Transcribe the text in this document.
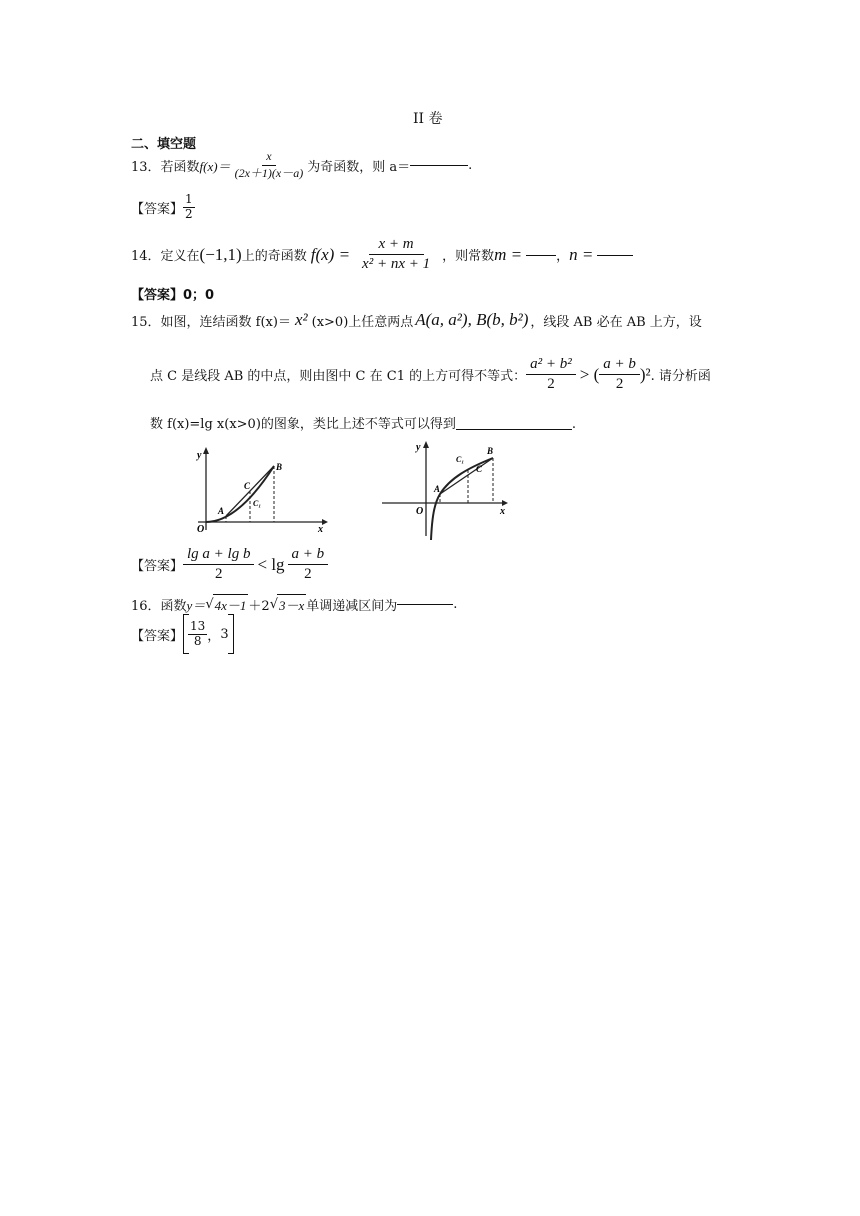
II 卷
二、填空题
13．若函数 $f(x)= \frac{x}{(2x+1)(x-a)}$ 为奇函数，则 a＝	.
【答案】 $\frac{1}{2}$
14．定义在 (−1,1) 上的奇函数 $f(x) = \frac{x + m}{\text{x² + nx + 1}}$ ，则常数 m =	， n =
【答案】 0；0
15．如图，连结函数 f(x)＝ x² (x>0)上任意两点 A(a, a²), B(b, b²) ，线段 AB 必在 AB 上方，设
点 C 是线段 AB 的中点，则由图中 C 在 C1 的上方可得不等式： $\frac{\text{a² + b²}}{2}$ > ( $\frac{a + b}{2} )^2$ . 请分析函
数 f(x)=lg x(x>0)的图象，类比上述不等式可以得到	.
y
x
O
A
B
C
C₁
y
x
O
A
B
C
C₁
【答案】 $\frac{\text{lg a + lg b}}{2} < \lg \frac{a + b}{2}$
16．函数 y＝ √ 4x－1 ＋2 √ 3－x 单调递减区间为	.
【答案】 $\frac{13}{8}$ ， 3
